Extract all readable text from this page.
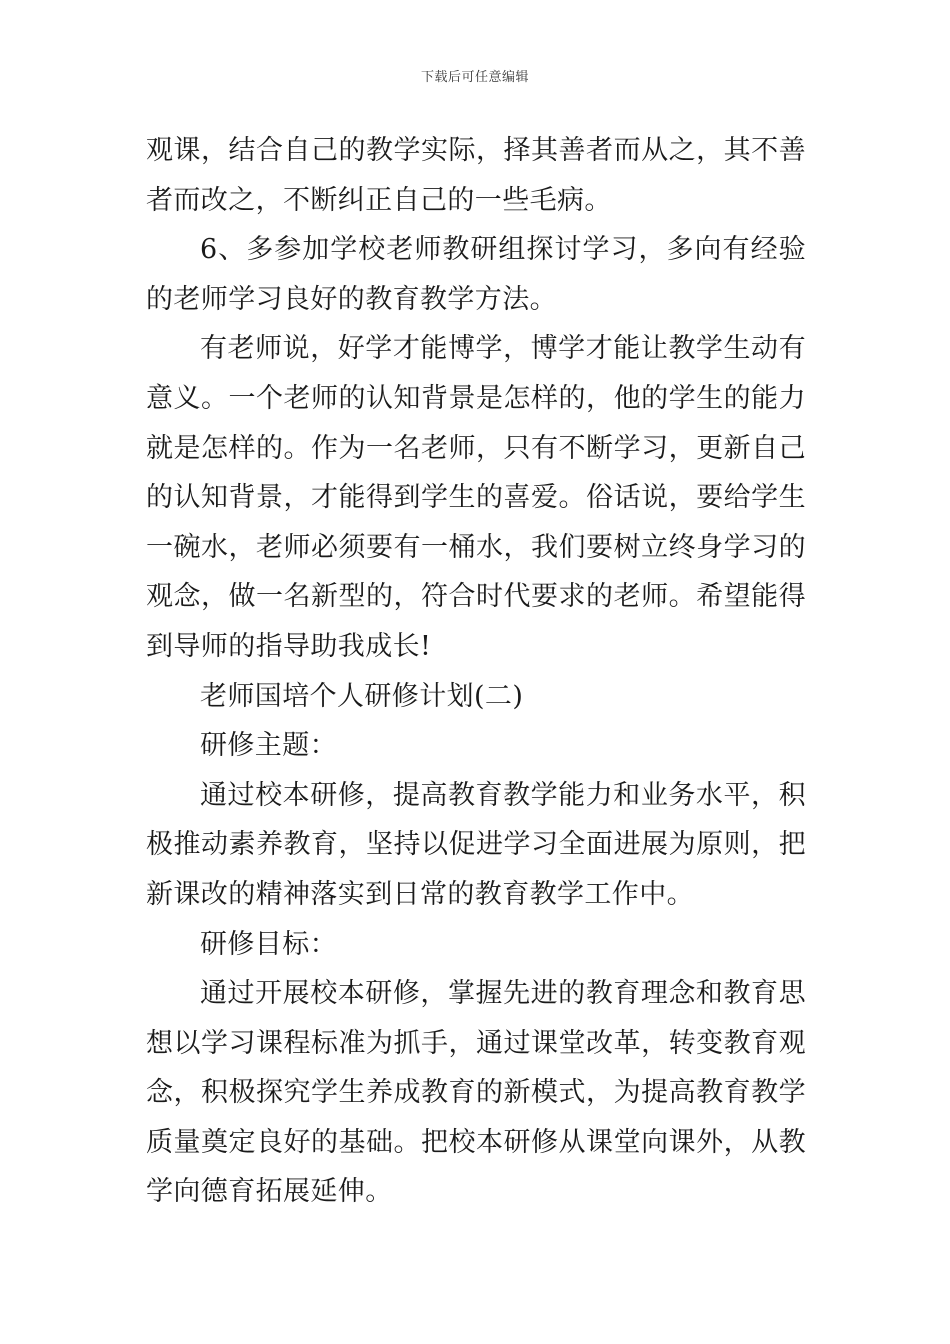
下载后可任意编辑

观课，结合自己的教学实际，择其善者而从之，其不善者而改之，不断纠正自己的一些毛病。

6、多参加学校老师教研组探讨学习，多向有经验的老师学习良好的教育教学方法。

有老师说，好学才能博学，博学才能让教学生动有意义。一个老师的认知背景是怎样的，他的学生的能力就是怎样的。作为一名老师，只有不断学习，更新自己的认知背景，才能得到学生的喜爱。俗话说，要给学生一碗水，老师必须要有一桶水，我们要树立终身学习的观念，做一名新型的，符合时代要求的老师。希望能得到导师的指导助我成长!

老师国培个人研修计划(二)

研修主题：

通过校本研修，提高教育教学能力和业务水平，积极推动素养教育，坚持以促进学习全面进展为原则，把新课改的精神落实到日常的教育教学工作中。

研修目标：

通过开展校本研修，掌握先进的教育理念和教育思想以学习课程标准为抓手，通过课堂改革，转变教育观念，积极探究学生养成教育的新模式，为提高教育教学质量奠定良好的基础。把校本研修从课堂向课外，从教学向德育拓展延伸。
